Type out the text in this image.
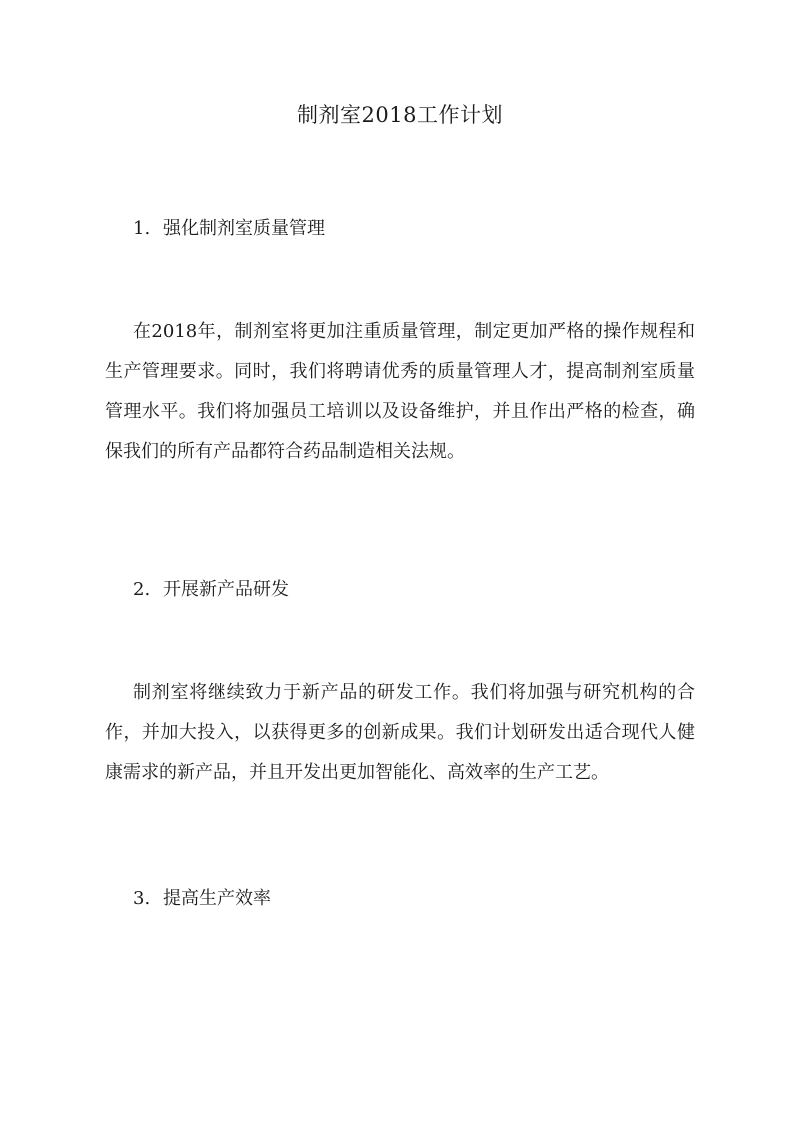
制剂室2018工作计划
1. 强化制剂室质量管理

在2018年，制剂室将更加注重质量管理，制定更加严格的操作规程和生产管理要求。同时，我们将聘请优秀的质量管理人才，提高制剂室质量管理水平。我们将加强员工培训以及设备维护，并且作出严格的检查，确保我们的所有产品都符合药品制造相关法规。

2. 开展新产品研发

制剂室将继续致力于新产品的研发工作。我们将加强与研究机构的合作，并加大投入，以获得更多的创新成果。我们计划研发出适合现代人健康需求的新产品，并且开发出更加智能化、高效率的生产工艺。

3. 提高生产效率
